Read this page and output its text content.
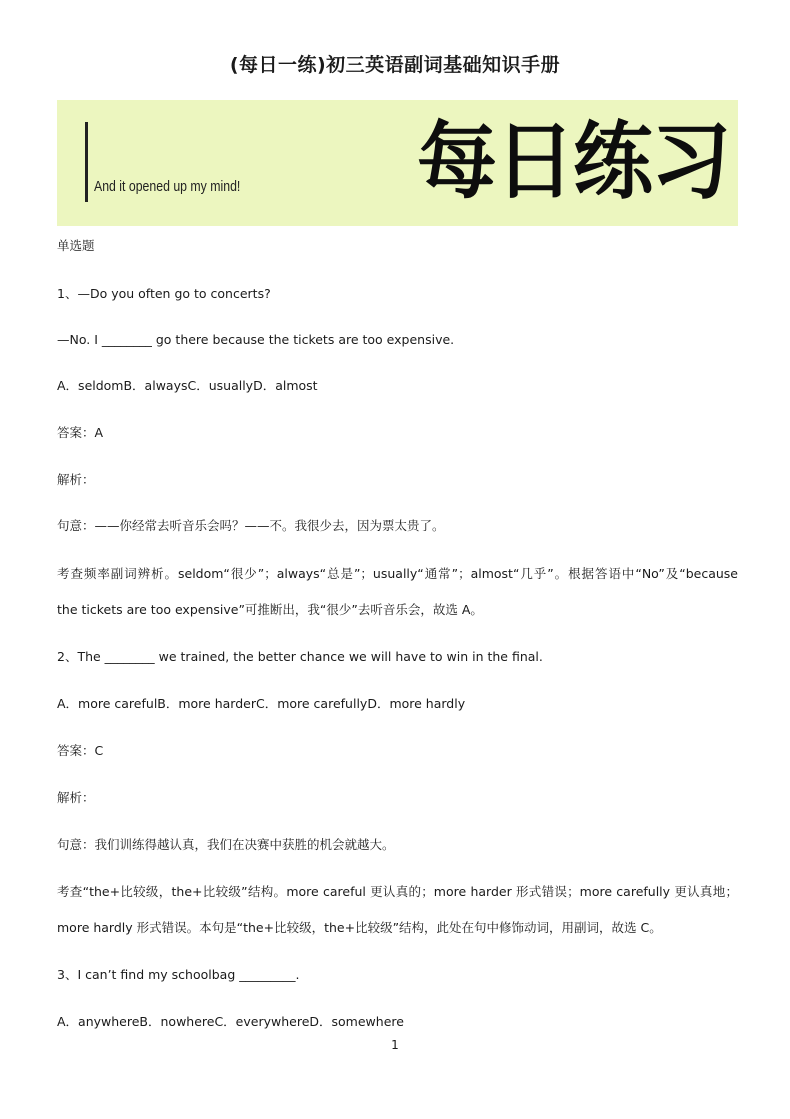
(每日一练)初三英语副词基础知识手册
And it opened up my mind! 每日练习
单选题
1、—Do you often go to concerts?
—No. I ________ go there because the tickets are too expensive.
A．seldomB．alwaysC．usuallyD．almost
答案：A
解析：
句意：——你经常去听音乐会吗？——不。我很少去，因为票太贵了。
考查频率副词辨析。seldom“很少”；always“总是”；usually“通常”；almost“几乎”。根据答语中“No”及“because
the tickets are too expensive”可推断出，我“很少”去听音乐会，故选 A。
2、The ________ we trained, the better chance we will have to win in the final.
A．more carefulB．more harderC．more carefullyD．more hardly
答案：C
解析：
句意：我们训练得越认真，我们在决赛中获胜的机会就越大。
考查“the+比较级，the+比较级”结构。more careful 更认真的；more harder 形式错误；more carefully 更认真地；
more hardly 形式错误。本句是“the+比较级，the+比较级”结构，此处在句中修饰动词，用副词，故选 C。
3、I can’t find my schoolbag _________.
A．anywhereB．nowhereC．everywhereD．somewhere
1
